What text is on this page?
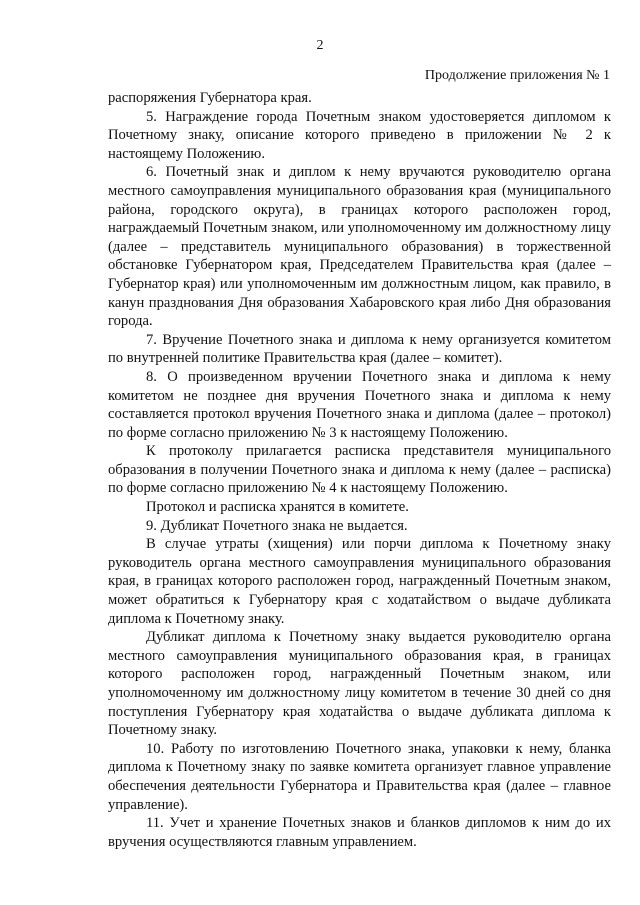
2
Продолжение приложения № 1

распоряжения Губернатора края.

5. Награждение города Почетным знаком удостоверяется дипломом к Почетному знаку, описание которого приведено в приложении № 2 к настоящему Положению.

6. Почетный знак и диплом к нему вручаются руководителю органа местного самоуправления муниципального образования края (муниципального района, городского округа), в границах которого расположен город, награждаемый Почетным знаком, или уполномоченному им должностному лицу (далее – представитель муниципального образования) в торжественной обстановке Губернатором края, Председателем Правительства края (далее – Губернатор края) или уполномоченным им должностным лицом, как правило, в канун празднования Дня образования Хабаровского края либо Дня образования города.

7. Вручение Почетного знака и диплома к нему организуется комитетом по внутренней политике Правительства края (далее – комитет).

8. О произведенном вручении Почетного знака и диплома к нему комитетом не позднее дня вручения Почетного знака и диплома к нему составляется протокол вручения Почетного знака и диплома (далее – протокол) по форме согласно приложению № 3 к настоящему Положению.

К протоколу прилагается расписка представителя муниципального образования в получении Почетного знака и диплома к нему (далее – расписка) по форме согласно приложению № 4 к настоящему Положению.

Протокол и расписка хранятся в комитете.

9. Дубликат Почетного знака не выдается.

В случае утраты (хищения) или порчи диплома к Почетному знаку руководитель органа местного самоуправления муниципального образования края, в границах которого расположен город, награжденный Почетным знаком, может обратиться к Губернатору края с ходатайством о выдаче дубликата диплома к Почетному знаку.

Дубликат диплома к Почетному знаку выдается руководителю органа местного самоуправления муниципального образования края, в границах которого расположен город, награжденный Почетным знаком, или уполномоченному им должностному лицу комитетом в течение 30 дней со дня поступления Губернатору края ходатайства о выдаче дубликата диплома к Почетному знаку.

10. Работу по изготовлению Почетного знака, упаковки к нему, бланка диплома к Почетному знаку по заявке комитета организует главное управление обеспечения деятельности Губернатора и Правительства края (далее – главное управление).

11. Учет и хранение Почетных знаков и бланков дипломов к ним до их вручения осуществляются главным управлением.
